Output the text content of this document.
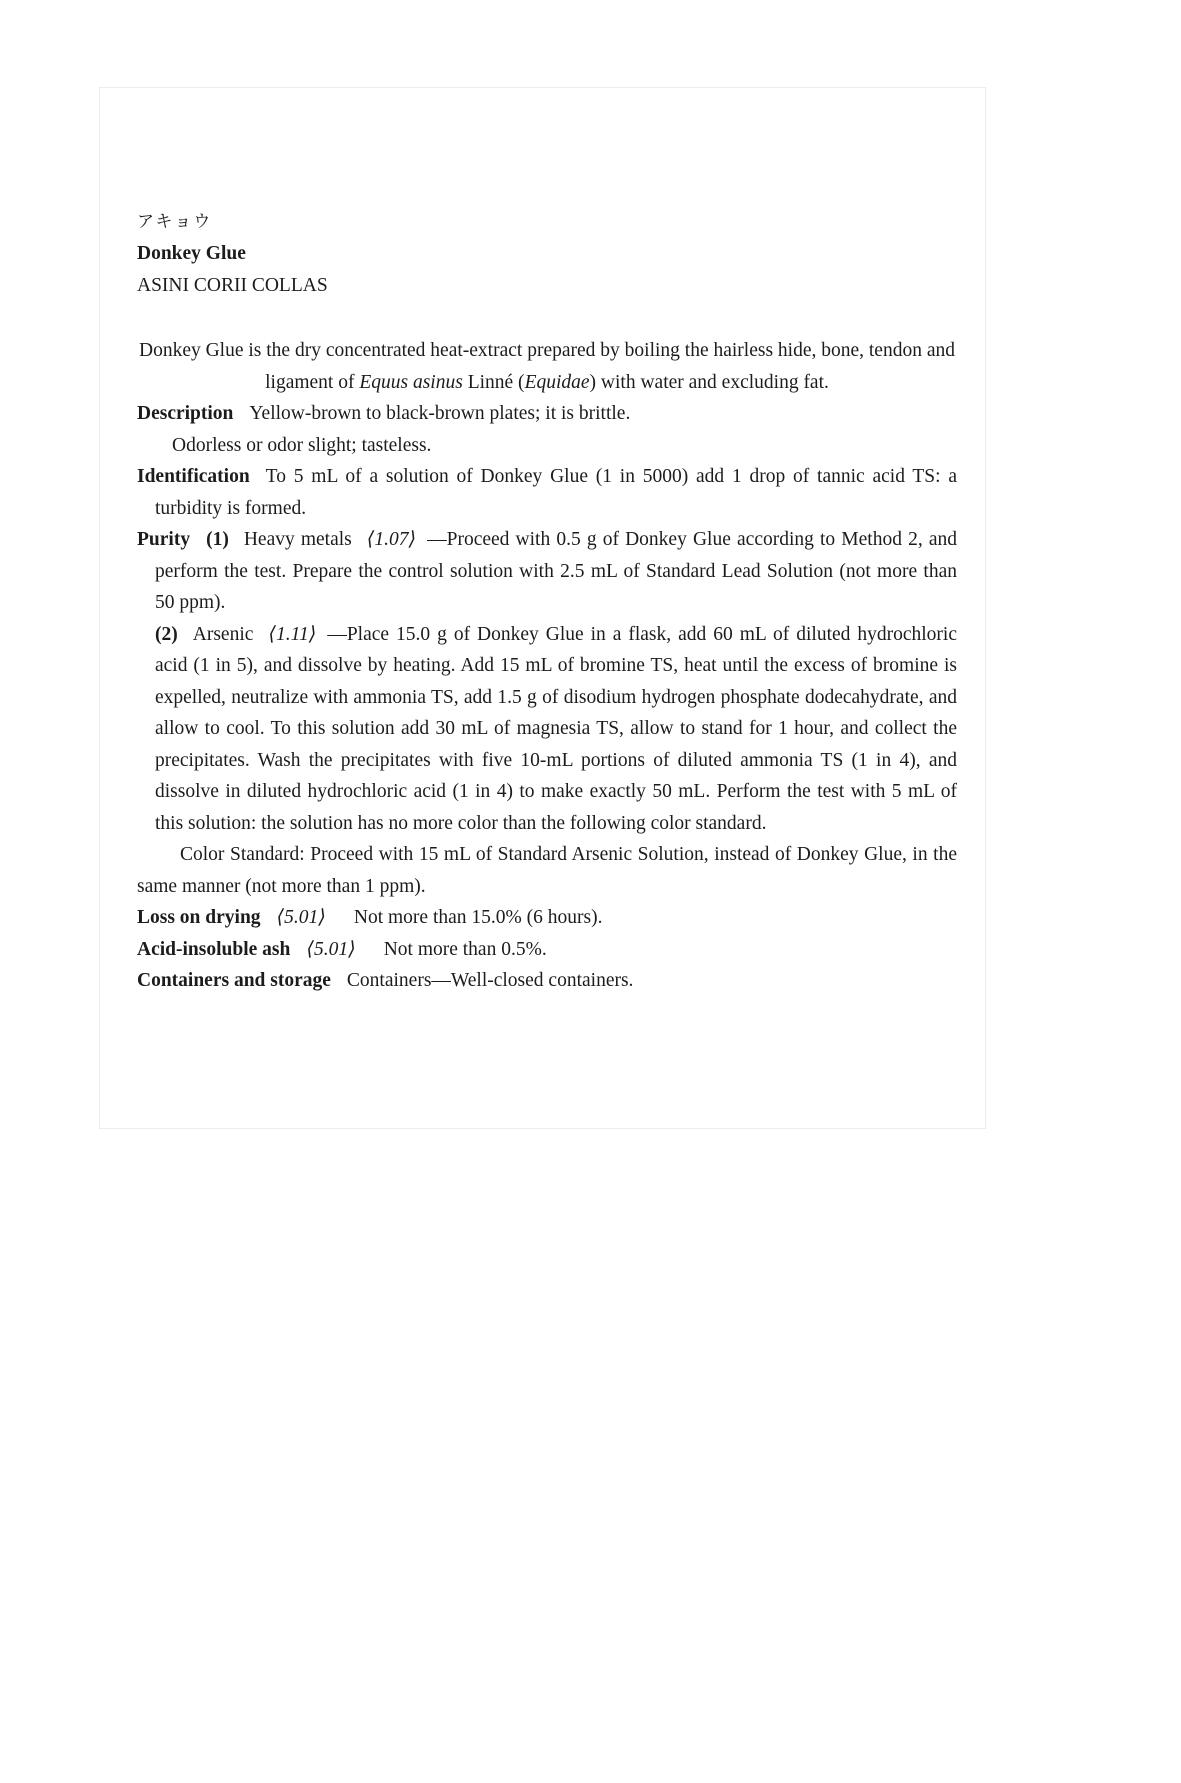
アキョウ
Donkey Glue
ASINI CORII COLLAS

Donkey Glue is the dry concentrated heat-extract prepared by boiling the hairless hide, bone, tendon and ligament of Equus asinus Linné (Equidae) with water and excluding fat.

Description Yellow-brown to black-brown plates; it is brittle.

Odorless or odor slight; tasteless.

Identification To 5 mL of a solution of Donkey Glue (1 in 5000) add 1 drop of tannic acid TS: a turbidity is formed.

Purity (1) Heavy metals ⟨1.07⟩ —Proceed with 0.5 g of Donkey Glue according to Method 2, and perform the test. Prepare the control solution with 2.5 mL of Standard Lead Solution (not more than 50 ppm).

(2) Arsenic ⟨1.11⟩ —Place 15.0 g of Donkey Glue in a flask, add 60 mL of diluted hydrochloric acid (1 in 5), and dissolve by heating. Add 15 mL of bromine TS, heat until the excess of bromine is expelled, neutralize with ammonia TS, add 1.5 g of disodium hydrogen phosphate dodecahydrate, and allow to cool. To this solution add 30 mL of magnesia TS, allow to stand for 1 hour, and collect the precipitates. Wash the precipitates with five 10-mL portions of diluted ammonia TS (1 in 4), and dissolve in diluted hydrochloric acid (1 in 4) to make exactly 50 mL. Perform the test with 5 mL of this solution: the solution has no more color than the following color standard.

Color Standard: Proceed with 15 mL of Standard Arsenic Solution, instead of Donkey Glue, in the same manner (not more than 1 ppm).

Loss on drying ⟨5.01⟩ Not more than 15.0% (6 hours).

Acid-insoluble ash ⟨5.01⟩ Not more than 0.5%.

Containers and storage Containers—Well-closed containers.
